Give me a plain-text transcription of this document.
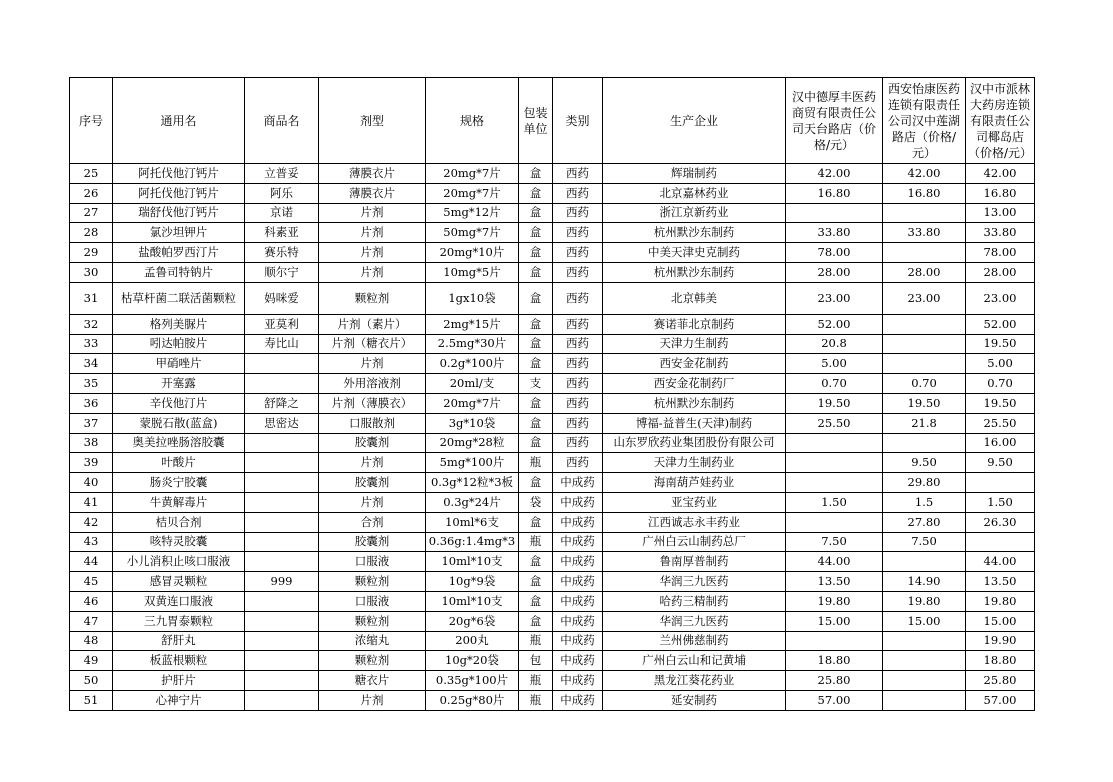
序号	通用名	商品名	剂型	规格	包装单位	类别	生产企业	汉中德厚丰医药商贸有限责任公司天台路店（价格/元）	西安怡康医药连锁有限责任公司汉中莲湖路店（价格/元）	汉中市派林大药房连锁有限责任公司椰岛店（价格/元）
25	阿托伐他汀钙片	立普妥	薄膜衣片	20mg*7片	盒	西药	辉瑞制药	42.00	42.00	42.00
26	阿托伐他汀钙片	阿乐	薄膜衣片	20mg*7片	盒	西药	北京嘉林药业	16.80	16.80	16.80
27	瑞舒伐他汀钙片	京诺	片剂	5mg*12片	盒	西药	浙江京新药业			13.00
28	氯沙坦钾片	科素亚	片剂	50mg*7片	盒	西药	杭州默沙东制药	33.80	33.80	33.80
29	盐酸帕罗西汀片	赛乐特	片剂	20mg*10片	盒	西药	中美天津史克制药	78.00		78.00
30	孟鲁司特钠片	顺尔宁	片剂	10mg*5片	盒	西药	杭州默沙东制药	28.00	28.00	28.00
31	枯草杆菌二联活菌颗粒	妈咪爱	颗粒剂	1gx10袋	盒	西药	北京韩美	23.00	23.00	23.00
32	格列美脲片	亚莫利	片剂（素片）	2mg*15片	盒	西药	赛诺菲北京制药	52.00		52.00
33	吲达帕胺片	寿比山	片剂（糖衣片）	2.5mg*30片	盒	西药	天津力生制药	20.8		19.50
34	甲硝唑片		片剂	0.2g*100片	盒	西药	西安金花制药	5.00		5.00
35	开塞露		外用溶液剂	20ml/支	支	西药	西安金花制药厂	0.70	0.70	0.70
36	辛伐他汀片	舒降之	片剂（薄膜衣）	20mg*7片	盒	西药	杭州默沙东制药	19.50	19.50	19.50
37	蒙脱石散(蓝盒)	思密达	口服散剂	3g*10袋	盒	西药	博福-益普生(天津)制药	25.50	21.8	25.50
38	奥美拉唑肠溶胶囊		胶囊剂	20mg*28粒	盒	西药	山东罗欣药业集团股份有限公司			16.00
39	叶酸片		片剂	5mg*100片	瓶	西药	天津力生制药业		9.50	9.50
40	肠炎宁胶囊		胶囊剂	0.3g*12粒*3板	盒	中成药	海南葫芦娃药业		29.80	
41	牛黄解毒片		片剂	0.3g*24片	袋	中成药	亚宝药业	1.50	1.5	1.50
42	桔贝合剂		合剂	10ml*6支	盒	中成药	江西诚志永丰药业		27.80	26.30
43	咳特灵胶囊		胶囊剂	0.36g:1.4mg*3	瓶	中成药	广州白云山制药总厂	7.50	7.50	
44	小儿消积止咳口服液		口服液	10ml*10支	盒	中成药	鲁南厚普制药	44.00		44.00
45	感冒灵颗粒	999	颗粒剂	10g*9袋	盒	中成药	华润三九医药	13.50	14.90	13.50
46	双黄连口服液		口服液	10ml*10支	盒	中成药	哈药三精制药	19.80	19.80	19.80
47	三九胃泰颗粒		颗粒剂	20g*6袋	盒	中成药	华润三九医药	15.00	15.00	15.00
48	舒肝丸		浓缩丸	200丸	瓶	中成药	兰州佛慈制药			19.90
49	板蓝根颗粒		颗粒剂	10g*20袋	包	中成药	广州白云山和记黄埔	18.80		18.80
50	护肝片		糖衣片	0.35g*100片	瓶	中成药	黑龙江葵花药业	25.80		25.80
51	心神宁片		片剂	0.25g*80片	瓶	中成药	延安制药	57.00		57.00
